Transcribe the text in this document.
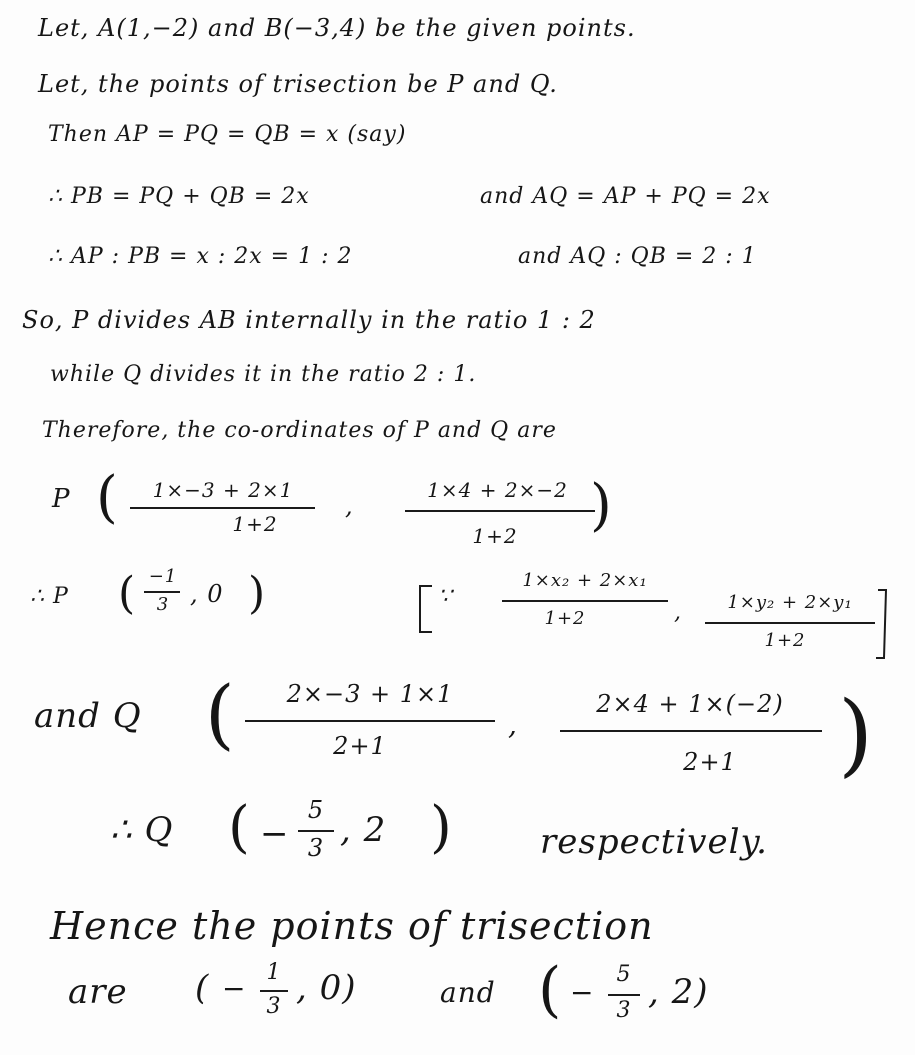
Let, A(1,−2) and B(−3,4) be the given points.
Let, the points of trisection be P and Q.
Then AP = PQ = QB = x (say)
∴ PB = PQ + QB = 2x	and AQ = AP + PQ = 2x
∴ AP : PB = x : 2x = 1 : 2	and AQ : QB = 2 : 1
So, P divides AB internally in the ratio 1 : 2
while Q divides it in the ratio 2 : 1.
Therefore, the co-ordinates of P and Q are
P (	1×−3 + 2×1
1+2
,
1×4 + 2×−2
1+2	)
∴ P ( −1
3 , 0 )	∵
1×x₂ + 2×x₁
1+2	,	1×y₂ + 2×y₁
1+2
and Q (	2×−3 + 1×1
2+1
,
2×4 + 1×(−2)
2+1	)
∴ Q ( −
5
3 , 2 )	respectively.
Hence the points of trisection
are ( − 1
3 , 0)	and ( −
5
3 , 2)
